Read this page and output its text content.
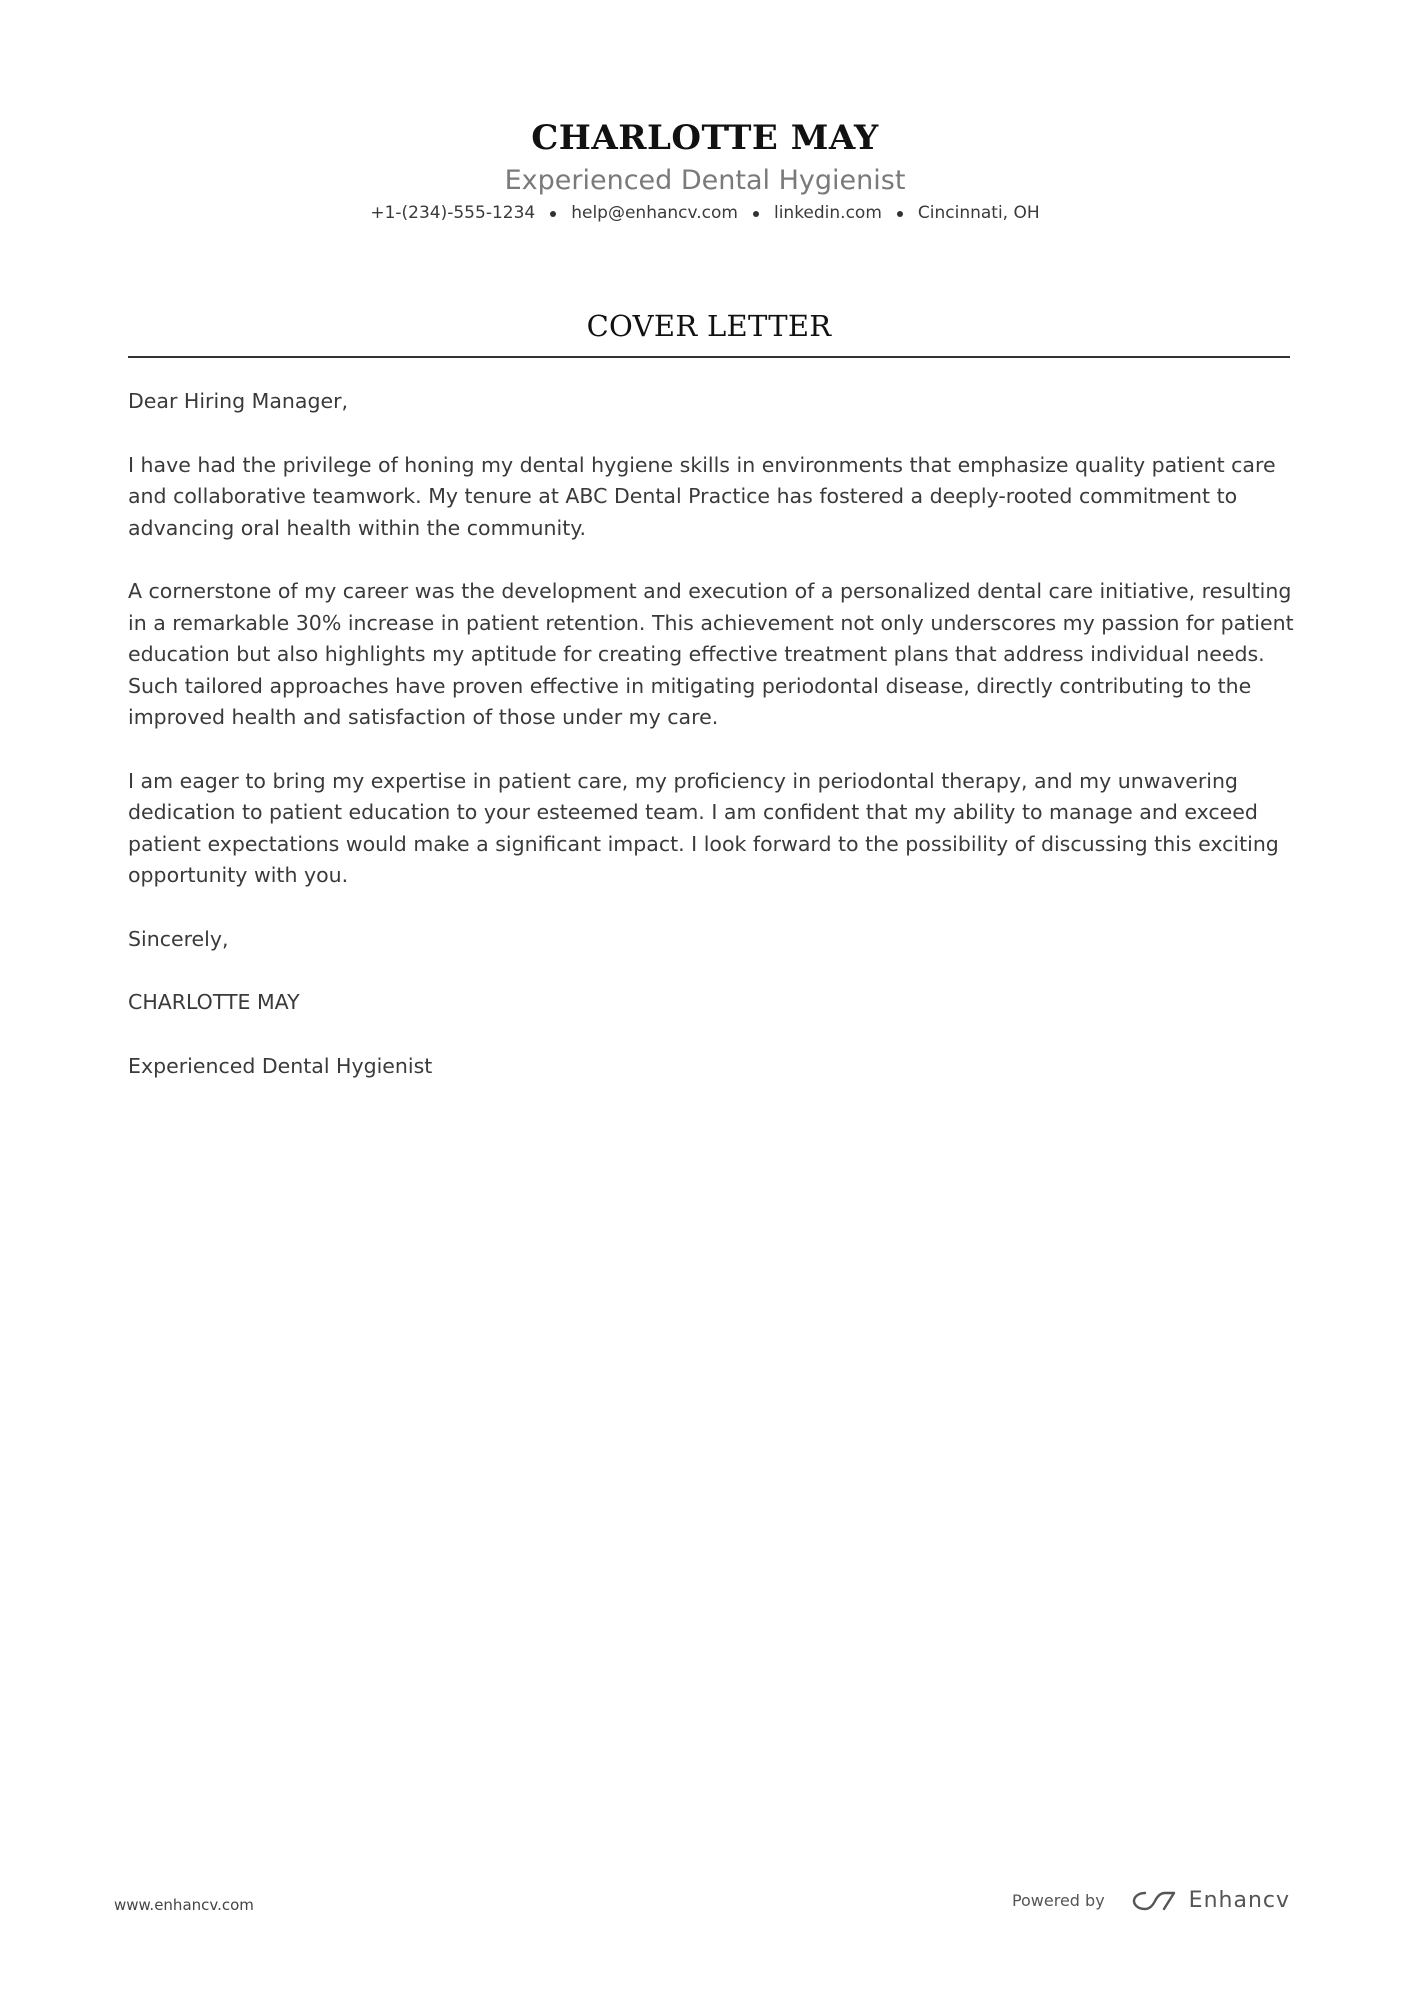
CHARLOTTE MAY
Experienced Dental Hygienist
+1-(234)-555-1234 help@enhancv.com linkedin.com Cincinnati, OH
COVER LETTER

Dear Hiring Manager,

I have had the privilege of honing my dental hygiene skills in environments that emphasize quality patient care and collaborative teamwork. My tenure at ABC Dental Practice has fostered a deeply-rooted commitment to advancing oral health within the community.

A cornerstone of my career was the development and execution of a personalized dental care initiative, resulting in a remarkable 30% increase in patient retention. This achievement not only underscores my passion for patient education but also highlights my aptitude for creating effective treatment plans that address individual needs. Such tailored approaches have proven effective in mitigating periodontal disease, directly contributing to the improved health and satisfaction of those under my care.

I am eager to bring my expertise in patient care, my proficiency in periodontal therapy, and my unwavering dedication to patient education to your esteemed team. I am confident that my ability to manage and exceed patient expectations would make a significant impact. I look forward to the possibility of discussing this exciting opportunity with you.

Sincerely,

CHARLOTTE MAY

Experienced Dental Hygienist

www.enhancv.com	Powered by	Enhancv
